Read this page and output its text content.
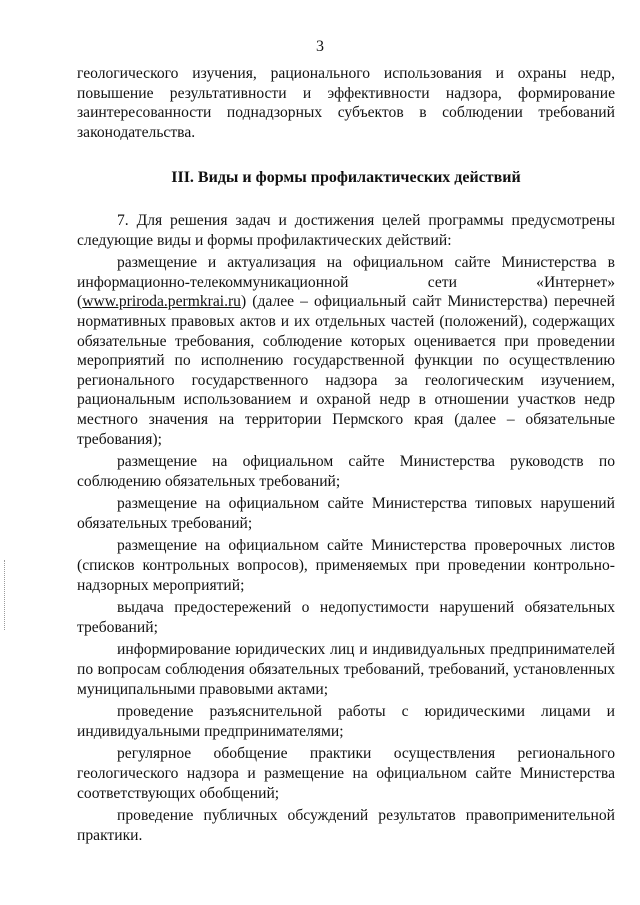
3

геологического изучения, рационального использования и охраны недр, повышение результативности и эффективности надзора, формирование заинтересованности поднадзорных субъектов в соблюдении требований законодательства.

III. Виды и формы профилактических действий

7. Для решения задач и достижения целей программы предусмотрены следующие виды и формы профилактических действий:

размещение и актуализация на официальном сайте Министерства в информационно-телекоммуникационной сети «Интернет» (www.priroda.permkrai.ru) (далее – официальный сайт Министерства) перечней нормативных правовых актов и их отдельных частей (положений), содержащих обязательные требования, соблюдение которых оценивается при проведении мероприятий по исполнению государственной функции по осуществлению регионального государственного надзора за геологическим изучением, рациональным использованием и охраной недр в отношении участков недр местного значения на территории Пермского края (далее – обязательные требования);

размещение на официальном сайте Министерства руководств по соблюдению обязательных требований;

размещение на официальном сайте Министерства типовых нарушений обязательных требований;

размещение на официальном сайте Министерства проверочных листов (списков контрольных вопросов), применяемых при проведении контрольно-надзорных мероприятий;

выдача предостережений о недопустимости нарушений обязательных требований;

информирование юридических лиц и индивидуальных предпринимателей по вопросам соблюдения обязательных требований, требований, установленных муниципальными правовыми актами;

проведение разъяснительной работы с юридическими лицами и индивидуальными предпринимателями;

регулярное обобщение практики осуществления регионального геологического надзора и размещение на официальном сайте Министерства соответствующих обобщений;

проведение публичных обсуждений результатов правоприменительной практики.
